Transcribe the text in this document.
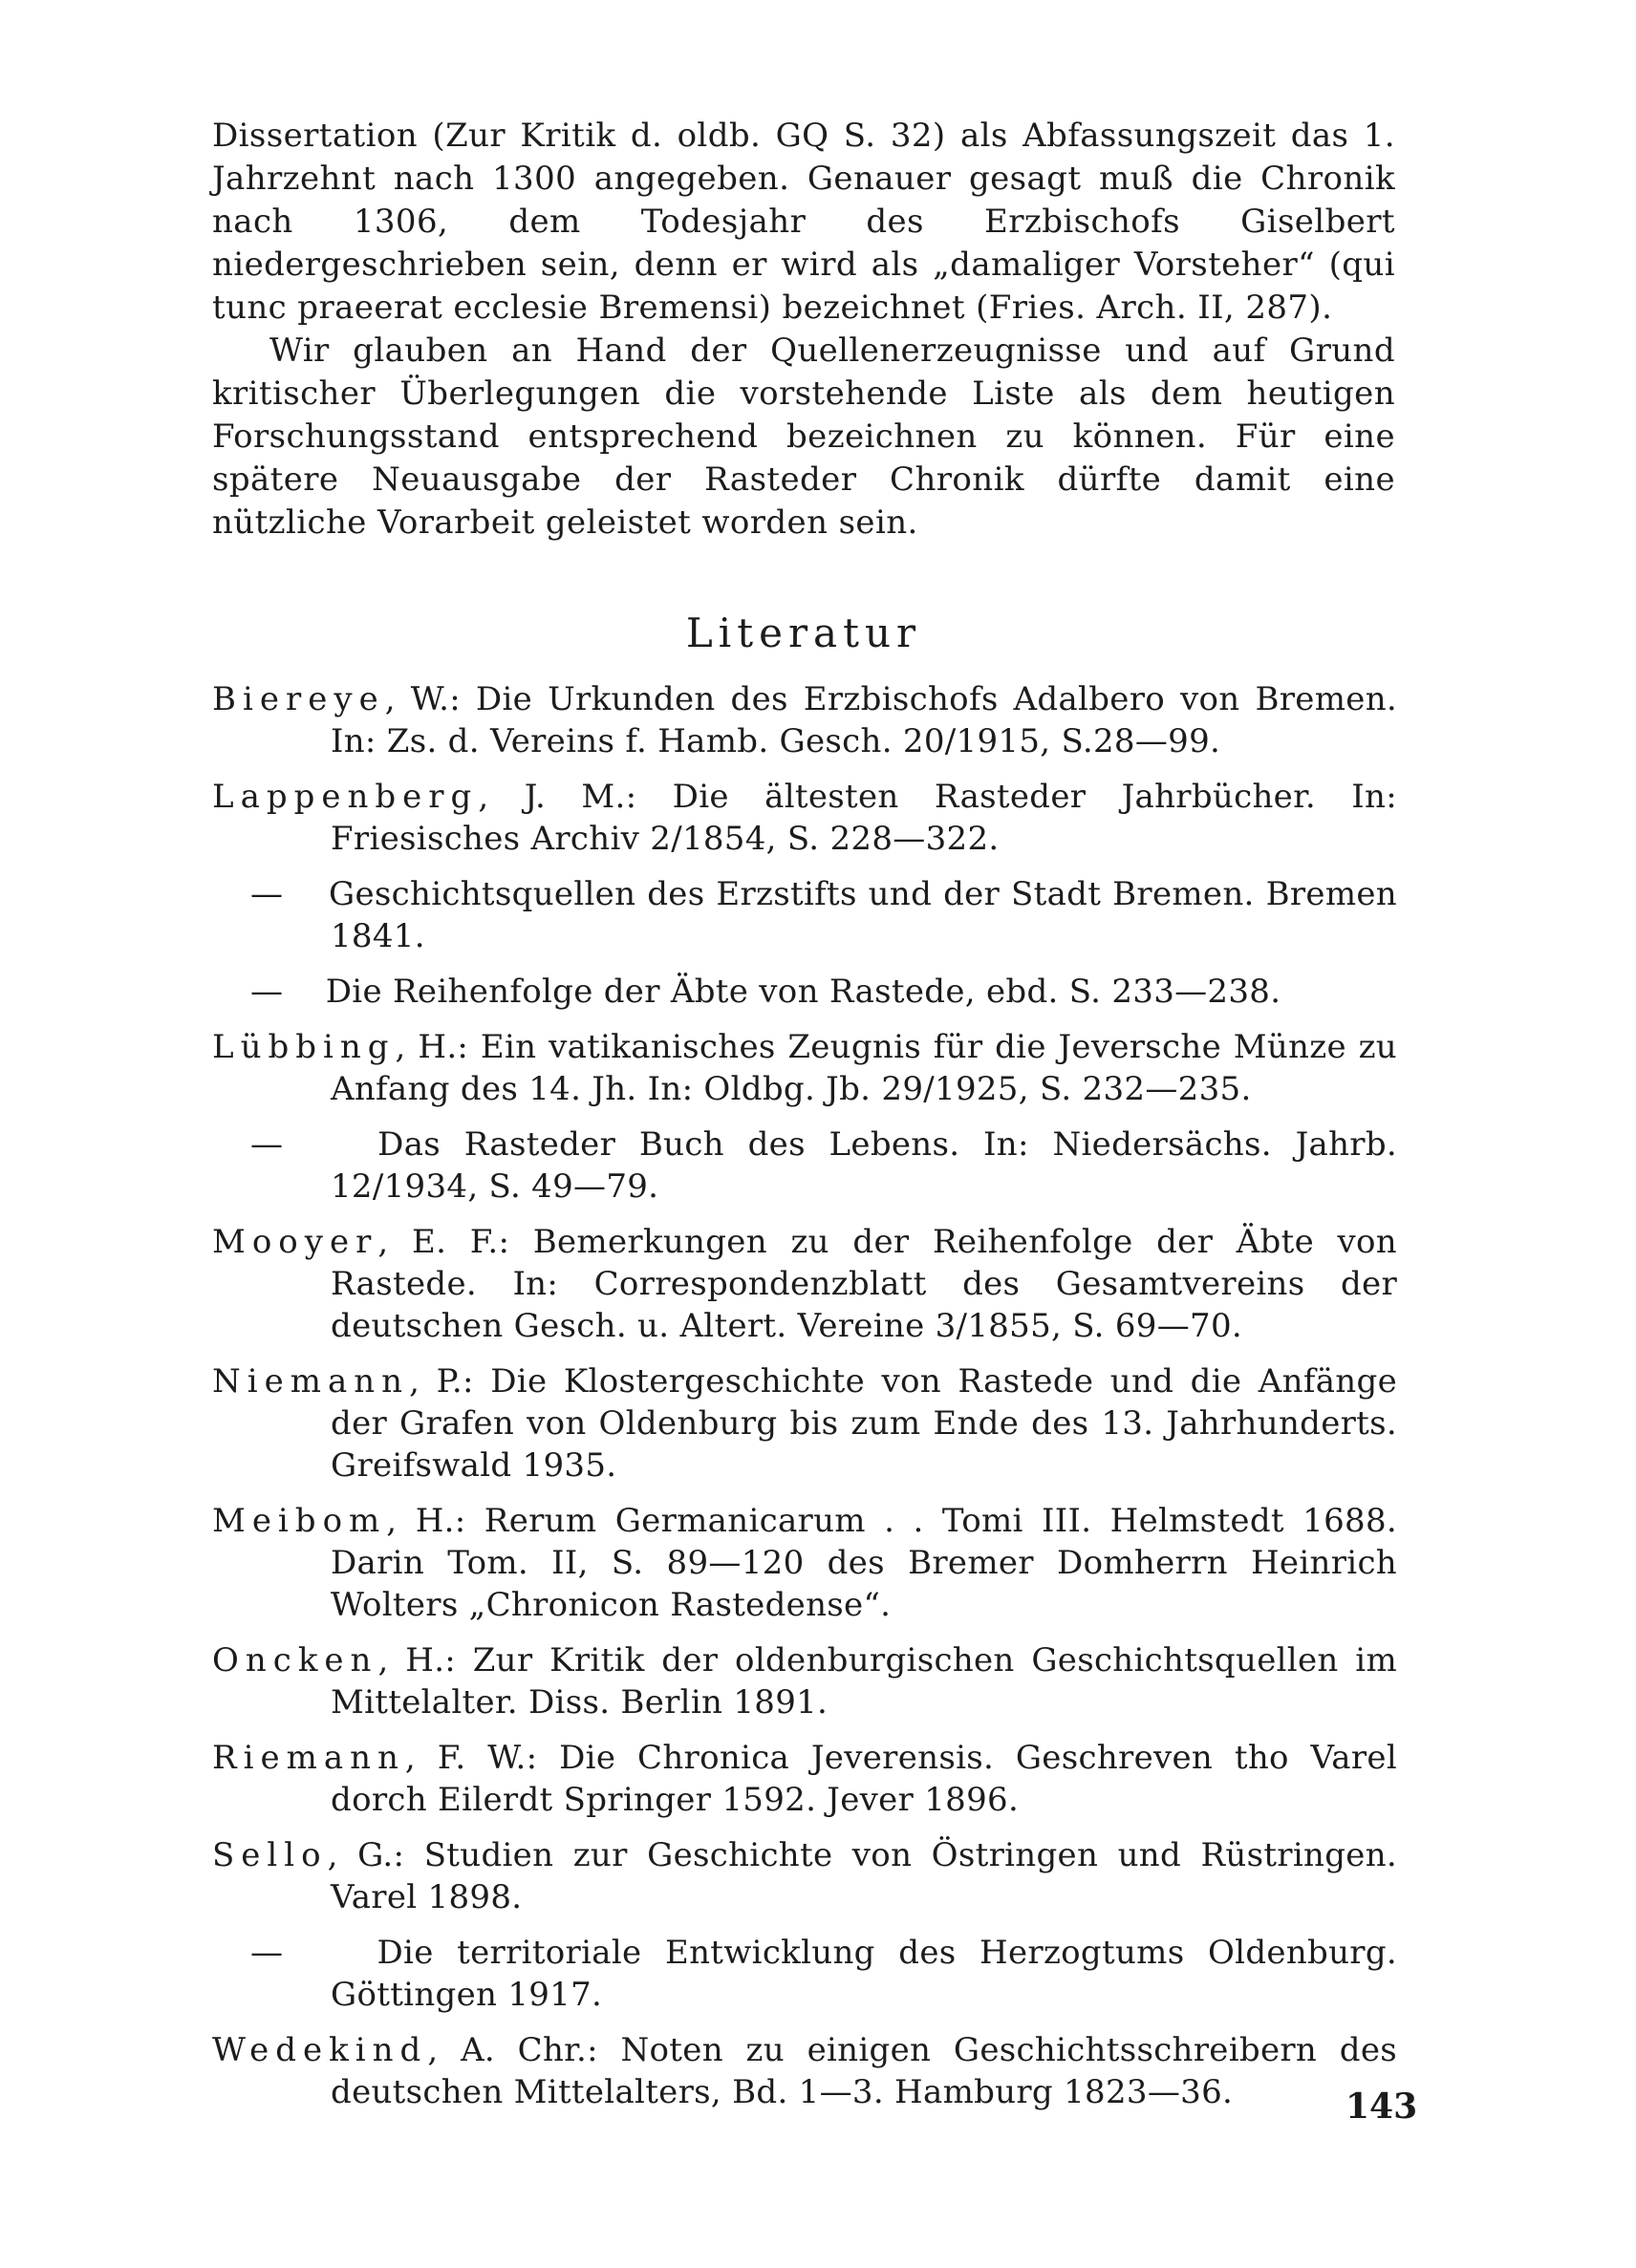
Dissertation (Zur Kritik d. oldb. GQ S. 32) als Abfassungszeit das 1. Jahrzehnt nach 1300 angegeben. Genauer gesagt muß die Chronik nach 1306, dem Todesjahr des Erzbischofs Giselbert niedergeschrieben sein, denn er wird als „damaliger Vorsteher“ (qui tunc praeerat ecclesie Bremensi) bezeichnet (Fries. Arch. II, 287).

Wir glauben an Hand der Quellenerzeugnisse und auf Grund kritischer Überlegungen die vorstehende Liste als dem heutigen Forschungsstand entsprechend bezeichnen zu können. Für eine spätere Neuausgabe der Rasteder Chronik dürfte damit eine nützliche Vorarbeit geleistet worden sein.

Literatur

Biereye, W.: Die Urkunden des Erzbischofs Adalbero von Bremen. In: Zs. d. Vereins f. Hamb. Gesch. 20/1915, S.28—99.

Lappenberg, J. M.: Die ältesten Rasteder Jahrbücher. In: Friesisches Archiv 2/1854, S. 228—322.

— Geschichtsquellen des Erzstifts und der Stadt Bremen. Bremen 1841.

— Die Reihenfolge der Äbte von Rastede, ebd. S. 233—238.

Lübbing, H.: Ein vatikanisches Zeugnis für die Jeversche Münze zu Anfang des 14. Jh. In: Oldbg. Jb. 29/1925, S. 232—235.

—	Das Rasteder Buch des Lebens. In: Niedersächs. Jahrb. 12/1934, S. 49—79.

Mooyer, E. F.: Bemerkungen zu der Reihenfolge der Äbte von Rastede. In: Correspondenzblatt des Gesamtvereins der deutschen Gesch. u. Altert. Vereine 3/1855, S. 69—70.

Niemann, P.: Die Klostergeschichte von Rastede und die Anfänge der Grafen von Oldenburg bis zum Ende des 13. Jahrhunderts. Greifswald 1935.

Meibom, H.: Rerum Germanicarum . . Tomi III. Helmstedt 1688. Darin Tom. II, S. 89—120 des Bremer Domherrn Heinrich Wolters „Chronicon Rastedense“.

Oncken, H.: Zur Kritik der oldenburgischen Geschichtsquellen im Mittelalter. Diss. Berlin 1891.

Riemann, F. W.: Die Chronica Jeverensis. Geschreven tho Varel dorch Eilerdt Springer 1592. Jever 1896.

Sello, G.: Studien zur Geschichte von Östringen und Rüstringen. Varel 1898.

—	Die territoriale Entwicklung des Herzogtums Oldenburg. Göttingen 1917.

Wedekind, A. Chr.: Noten zu einigen Geschichtsschreibern des deutschen Mittelalters, Bd. 1—3. Hamburg 1823—36.	143
